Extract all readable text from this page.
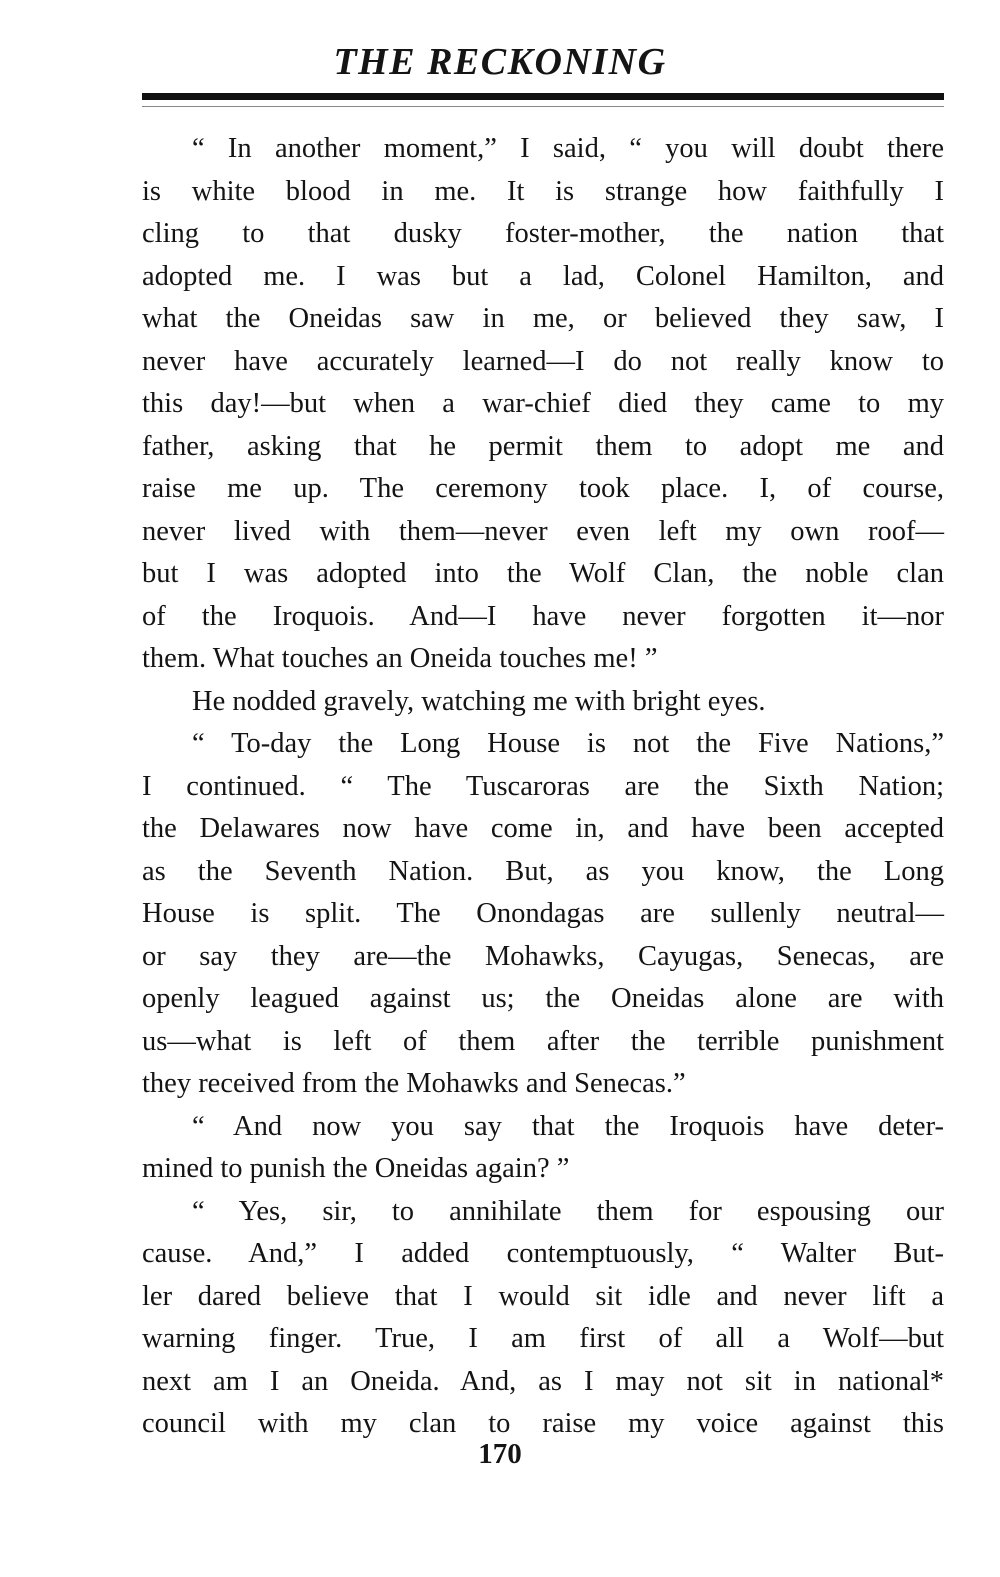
THE RECKONING
“ In another moment,” I said, “ you will doubt there
is white blood in me. It is strange how faithfully I
cling to that dusky foster-mother, the nation that
adopted me. I was but a lad, Colonel Hamilton, and
what the Oneidas saw in me, or believed they saw, I
never have accurately learned—I do not really know to
this day!—but when a war-chief died they came to my
father, asking that he permit them to adopt me and
raise me up. The ceremony took place. I, of course,
never lived with them—never even left my own roof—
but I was adopted into the Wolf Clan, the noble clan
of the Iroquois. And—I have never forgotten it—nor
them. What touches an Oneida touches me! ”
He nodded gravely, watching me with bright eyes.
“ To-day the Long House is not the Five Nations,”
I continued. “ The Tuscaroras are the Sixth Nation;
the Delawares now have come in, and have been accepted
as the Seventh Nation. But, as you know, the Long
House is split. The Onondagas are sullenly neutral—
or say they are—the Mohawks, Cayugas, Senecas, are
openly leagued against us; the Oneidas alone are with
us—what is left of them after the terrible punishment
they received from the Mohawks and Senecas.”
“ And now you say that the Iroquois have deter-
mined to punish the Oneidas again? ”
“ Yes, sir, to annihilate them for espousing our
cause. And,” I added contemptuously, “ Walter But-
ler dared believe that I would sit idle and never lift a
warning finger. True, I am first of all a Wolf—but
next am I an Oneida. And, as I may not sit in national*
council with my clan to raise my voice against this
170
